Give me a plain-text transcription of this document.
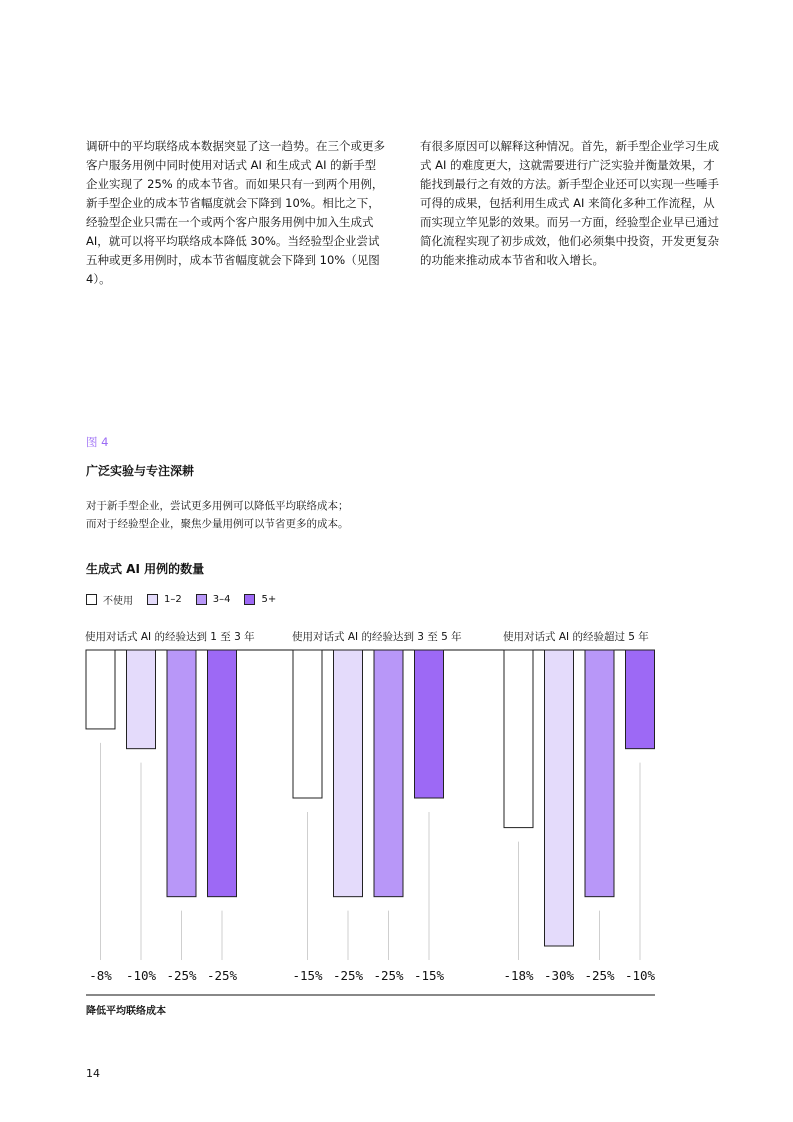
调研中的平均联络成本数据突显了这一趋势。在三个或更多客户服务用例中同时使用对话式 AI 和生成式 AI 的新手型企业实现了 25% 的成本节省。而如果只有一到两个用例，新手型企业的成本节省幅度就会下降到 10%。相比之下，经验型企业只需在一个或两个客户服务用例中加入生成式 AI，就可以将平均联络成本降低 30%。当经验型企业尝试五种或更多用例时，成本节省幅度就会下降到 10%（见图 4）。
有很多原因可以解释这种情况。首先，新手型企业学习生成式 AI 的难度更大，这就需要进行广泛实验并衡量效果，才能找到最行之有效的方法。新手型企业还可以实现一些唾手可得的成果，包括利用生成式 AI 来简化多种工作流程，从而实现立竿见影的效果。而另一方面，经验型企业早已通过简化流程实现了初步成效，他们必须集中投资，开发更复杂的功能来推动成本节省和收入增长。
图 4
广泛实验与专注深耕
对于新手型企业，尝试更多用例可以降低平均联络成本；
而对于经验型企业，聚焦少量用例可以节省更多的成本。
生成式 AI 用例的数量
不使用	1–2	3–4	5+
使用对话式 AI 的经验达到 1 至 3 年
-8% -10% -25% -25%
使用对话式 AI 的经验达到 3 至 5 年
-15% -25% -25% -15%
使用对话式 AI 的经验超过 5 年
-18% -30% -25% -10%
降低平均联络成本
14
